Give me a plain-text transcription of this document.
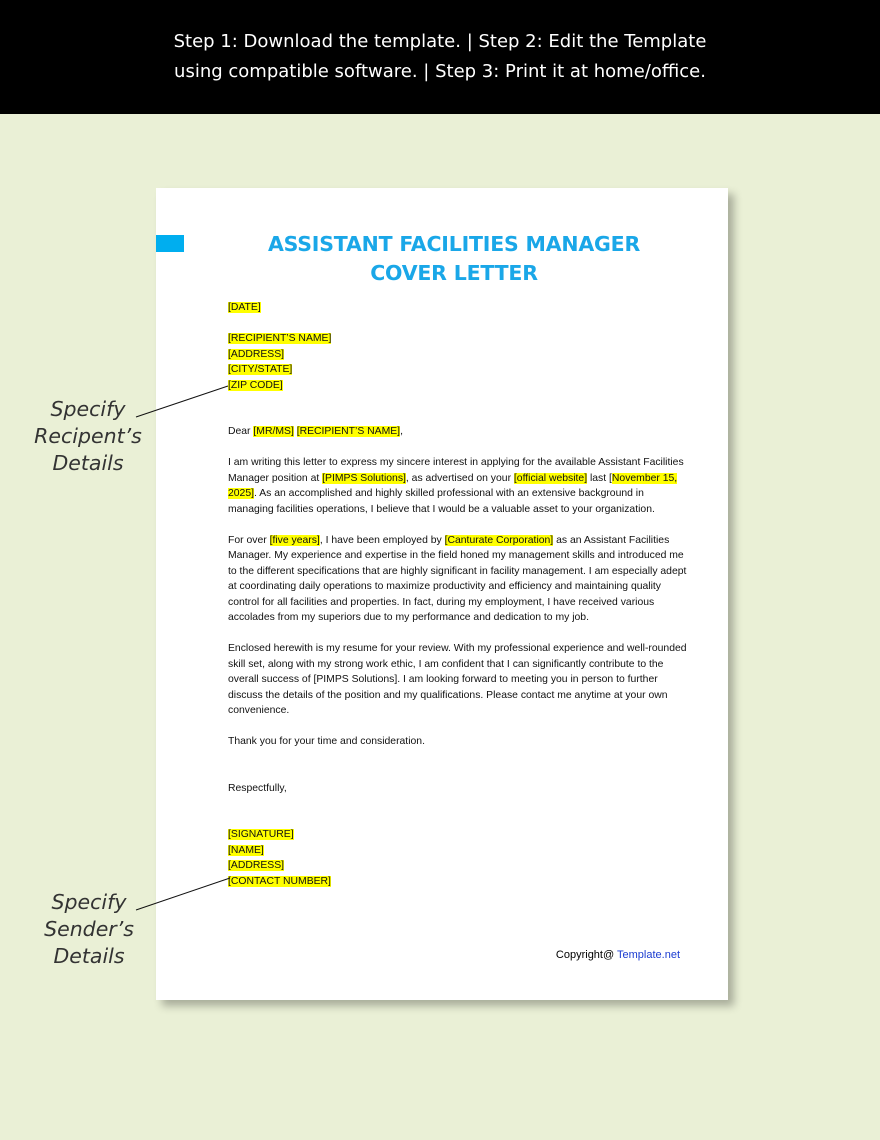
Step 1: Download the template. | Step 2: Edit the Template
using compatible software. | Step 3: Print it at home/office.
ASSISTANT FACILITIES MANAGER
COVER LETTER

[DATE]

[RECIPIENT’S NAME]

[ADDRESS]

[CITY/STATE]

[ZIP CODE]

Dear [MR/MS] [RECIPIENT’S NAME],

I am writing this letter to express my sincere interest in applying for the available Assistant Facilities Manager position at [PIMPS Solutions], as advertised on your [official website] last [November 15, 2025]. As an accomplished and highly skilled professional with an extensive background in managing facilities operations, I believe that I would be a valuable asset to your organization.

For over [five years], I have been employed by [Canturate Corporation] as an Assistant Facilities Manager. My experience and expertise in the field honed my management skills and introduced me to the different specifications that are highly significant in facility management. I am especially adept at coordinating daily operations to maximize productivity and efficiency and maintaining quality control for all facilities and properties. In fact, during my employment, I have received various accolades from my superiors due to my performance and dedication to my job.

Enclosed herewith is my resume for your review. With my professional experience and well-rounded skill set, along with my strong work ethic, I am confident that I can significantly contribute to the overall success of [PIMPS Solutions]. I am looking forward to meeting you in person to further discuss the details of the position and my qualifications. Please contact me anytime at your own convenience.

Thank you for your time and consideration.

Respectfully,

[SIGNATURE]

[NAME]

[ADDRESS]

[CONTACT NUMBER]

Copyright@ Template.net
Specify
Recipent’s
Details
Specify
Sender’s
Details
